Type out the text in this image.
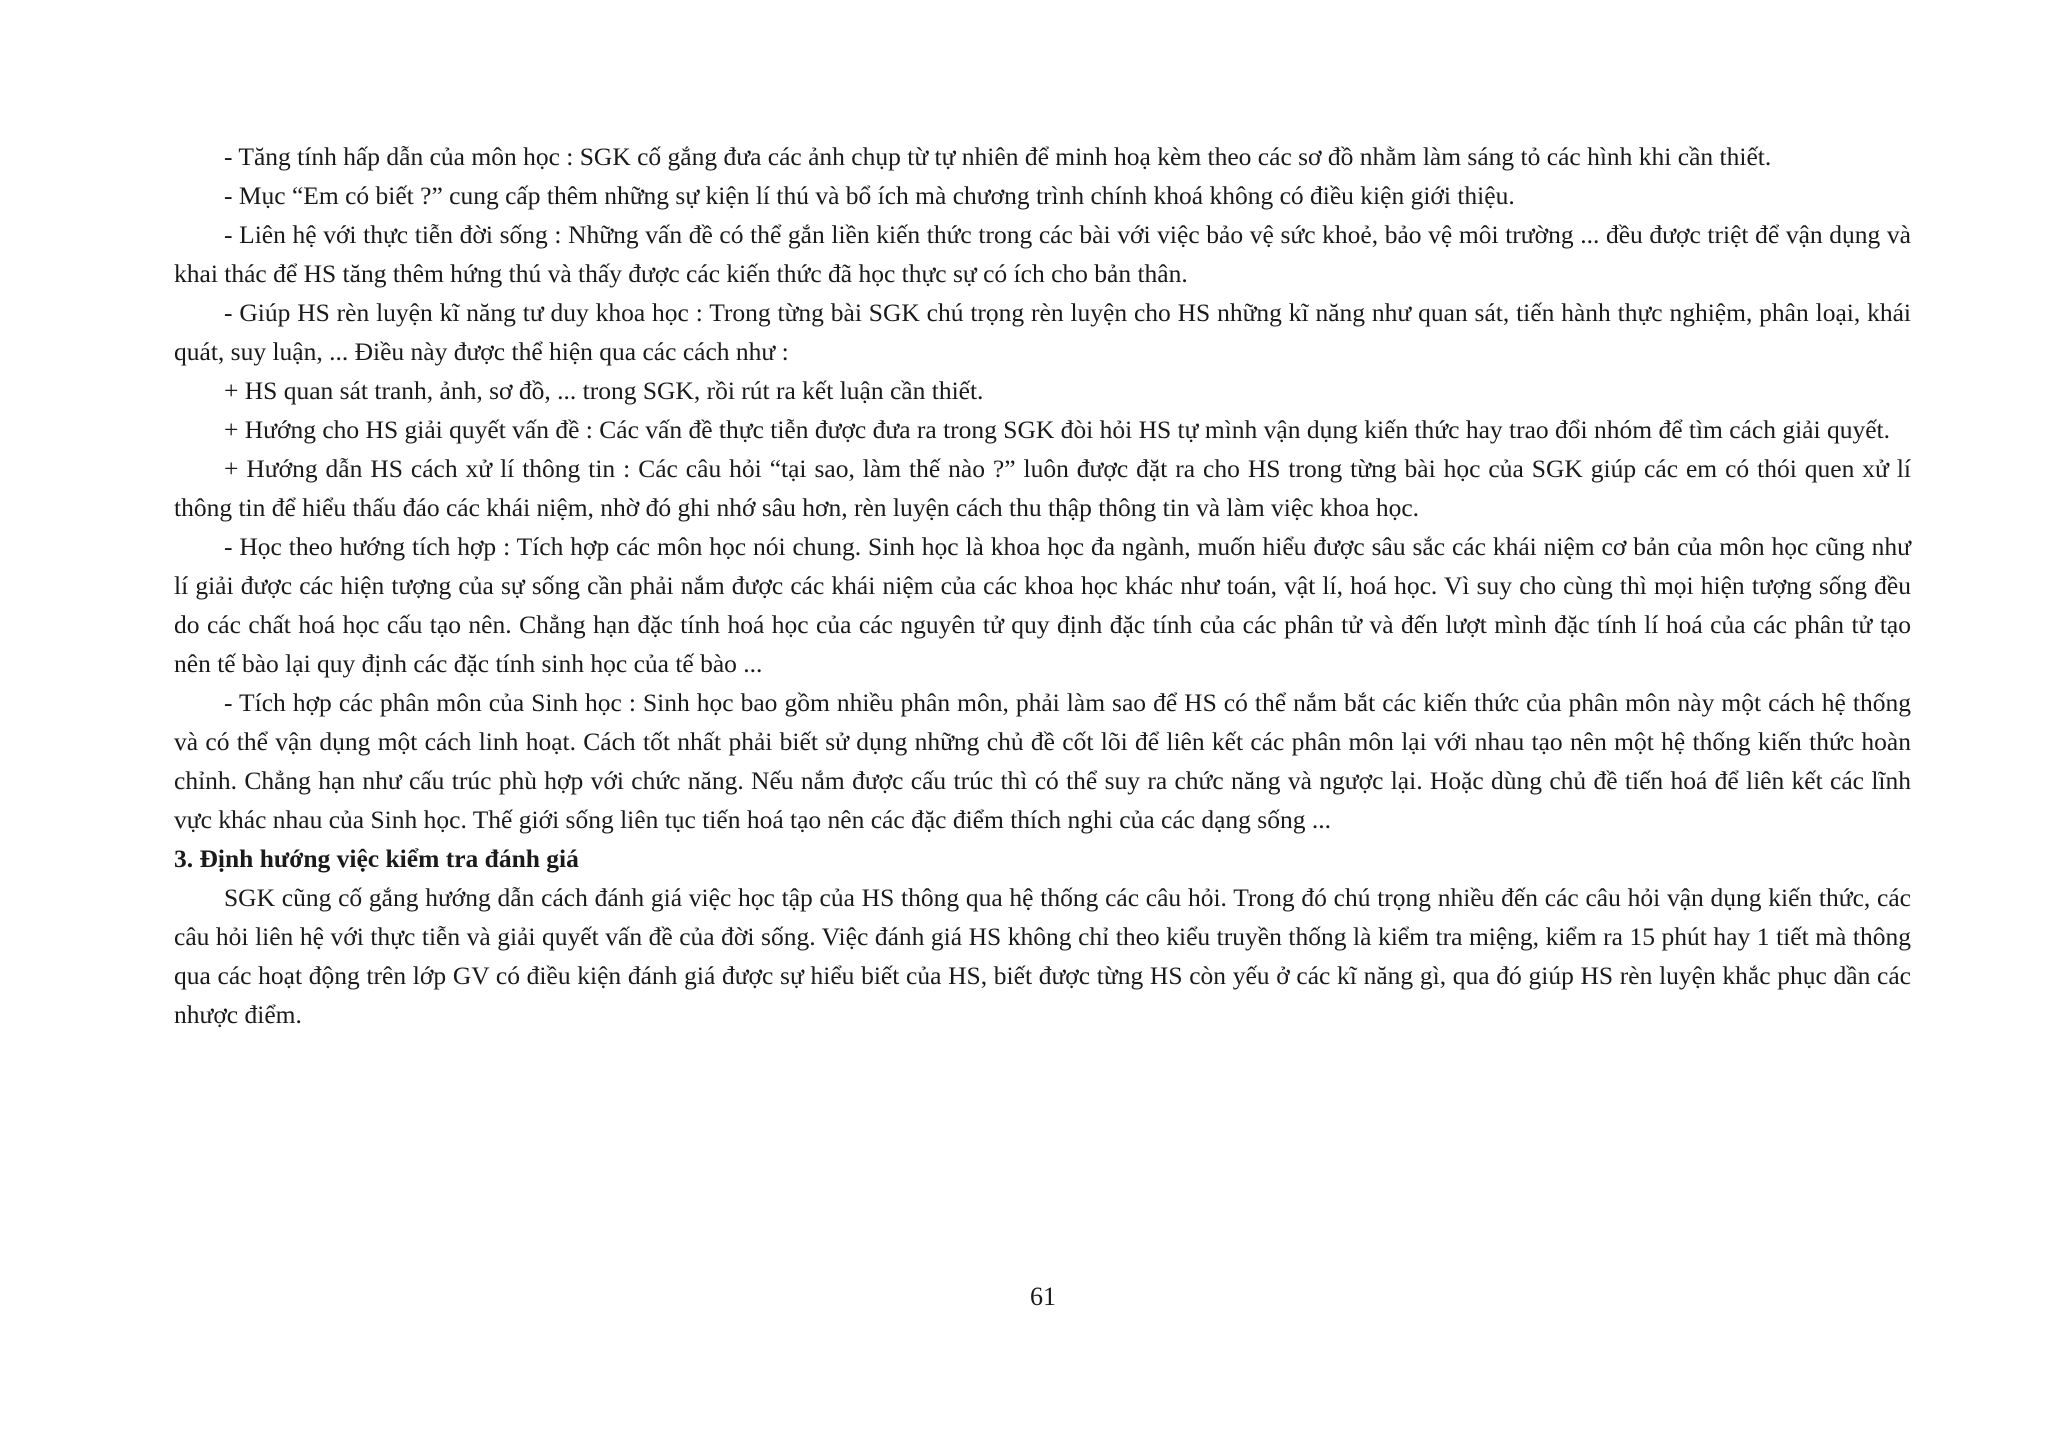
- Tăng tính hấp dẫn của môn học : SGK cố gắng đưa các ảnh chụp từ tự nhiên để minh hoạ kèm theo các sơ đồ nhằm làm sáng tỏ các hình khi cần thiết.

- Mục “Em có biết ?” cung cấp thêm những sự kiện lí thú và bổ ích mà chương trình chính khoá không có điều kiện giới thiệu.

- Liên hệ với thực tiễn đời sống : Những vấn đề có thể gắn liền kiến thức trong các bài với việc bảo vệ sức khoẻ, bảo vệ môi trường ... đều được triệt để vận dụng và khai thác để HS tăng thêm hứng thú và thấy được các kiến thức đã học thực sự có ích cho bản thân.

- Giúp HS rèn luyện kĩ năng tư duy khoa học : Trong từng bài SGK chú trọng rèn luyện cho HS những kĩ năng như quan sát, tiến hành thực nghiệm, phân loại, khái quát, suy luận, ... Điều này được thể hiện qua các cách như :

+ HS quan sát tranh, ảnh, sơ đồ, ... trong SGK, rồi rút ra kết luận cần thiết.

+ Hướng cho HS giải quyết vấn đề : Các vấn đề thực tiễn được đưa ra trong SGK đòi hỏi HS tự mình vận dụng kiến thức hay trao đổi nhóm để tìm cách giải quyết.

+ Hướng dẫn HS cách xử lí thông tin : Các câu hỏi “tại sao, làm thế nào ?” luôn được đặt ra cho HS trong từng bài học của SGK giúp các em có thói quen xử lí thông tin để hiểu thấu đáo các khái niệm, nhờ đó ghi nhớ sâu hơn, rèn luyện cách thu thập thông tin và làm việc khoa học.

- Học theo hướng tích hợp : Tích hợp các môn học nói chung. Sinh học là khoa học đa ngành, muốn hiểu được sâu sắc các khái niệm cơ bản của môn học cũng như lí giải được các hiện tượng của sự sống cần phải nắm được các khái niệm của các khoa học khác như toán, vật lí, hoá học. Vì suy cho cùng thì mọi hiện tượng sống đều do các chất hoá học cấu tạo nên. Chẳng hạn đặc tính hoá học của các nguyên tử quy định đặc tính của các phân tử và đến lượt mình đặc tính lí hoá của các phân tử tạo nên tế bào lại quy định các đặc tính sinh học của tế bào ...

- Tích hợp các phân môn của Sinh học : Sinh học bao gồm nhiều phân môn, phải làm sao để HS có thể nắm bắt các kiến thức của phân môn này một cách hệ thống và có thể vận dụng một cách linh hoạt. Cách tốt nhất phải biết sử dụng những chủ đề cốt lõi để liên kết các phân môn lại với nhau tạo nên một hệ thống kiến thức hoàn chỉnh. Chẳng hạn như cấu trúc phù hợp với chức năng. Nếu nắm được cấu trúc thì có thể suy ra chức năng và ngược lại. Hoặc dùng chủ đề tiến hoá để liên kết các lĩnh vực khác nhau của Sinh học. Thế giới sống liên tục tiến hoá tạo nên các đặc điểm thích nghi của các dạng sống ...

3. Định hướng việc kiểm tra đánh giá

SGK cũng cố gắng hướng dẫn cách đánh giá việc học tập của HS thông qua hệ thống các câu hỏi. Trong đó chú trọng nhiều đến các câu hỏi vận dụng kiến thức, các câu hỏi liên hệ với thực tiễn và giải quyết vấn đề của đời sống. Việc đánh giá HS không chỉ theo kiểu truyền thống là kiểm tra miệng, kiểm ra 15 phút hay 1 tiết mà thông qua các hoạt động trên lớp GV có điều kiện đánh giá được sự hiểu biết của HS, biết được từng HS còn yếu ở các kĩ năng gì, qua đó giúp HS rèn luyện khắc phục dần các nhược điểm.

61
